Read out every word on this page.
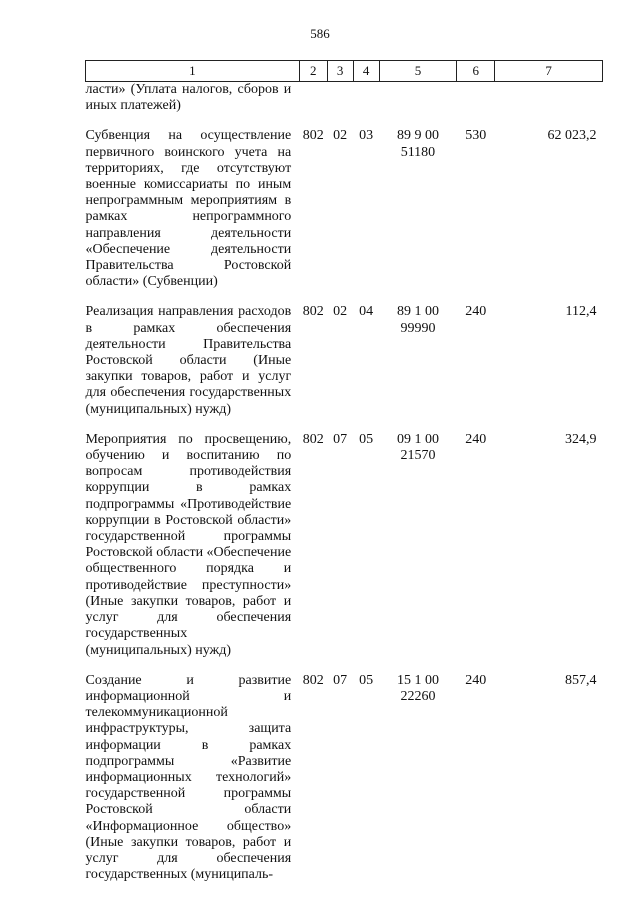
586
1	2	3	4	5	6	7
ласти» (Уплата налогов, сборов и иных платежей)						

Субвенция на осуществление первичного воинского учета на территориях, где отсутствуют военные комиссариаты по иным непрограммным мероприятиям в рамках непрограммного направления деятельности «Обеспечение деятельности Правительства Ростовской области» (Субвенции)	802	02	03	89 9 00 51180	530	62 023,2

Реализация направления расходов в рамках обеспечения деятельности Правительства Ростовской области (Иные закупки товаров, работ и услуг для обеспечения государственных (муниципальных) нужд)	802	02	04	89 1 00 99990	240	112,4

Мероприятия по просвещению, обучению и воспитанию по вопросам противодействия коррупции в рамках подпрограммы «Противодействие коррупции в Ростовской области» государственной программы Ростовской области «Обеспечение общественного порядка и противодействие преступности» (Иные закупки товаров, работ и услуг для обеспечения государственных (муниципальных) нужд)	802	07	05	09 1 00 21570	240	324,9

Создание и развитие информационной и телекоммуникационной инфраструктуры, защита информации в рамках подпрограммы «Развитие информационных технологий» государственной программы Ростовской области «Информационное общество» (Иные закупки товаров, работ и услуг для обеспечения государственных (муниципаль-	802	07	05	15 1 00 22260	240	857,4
